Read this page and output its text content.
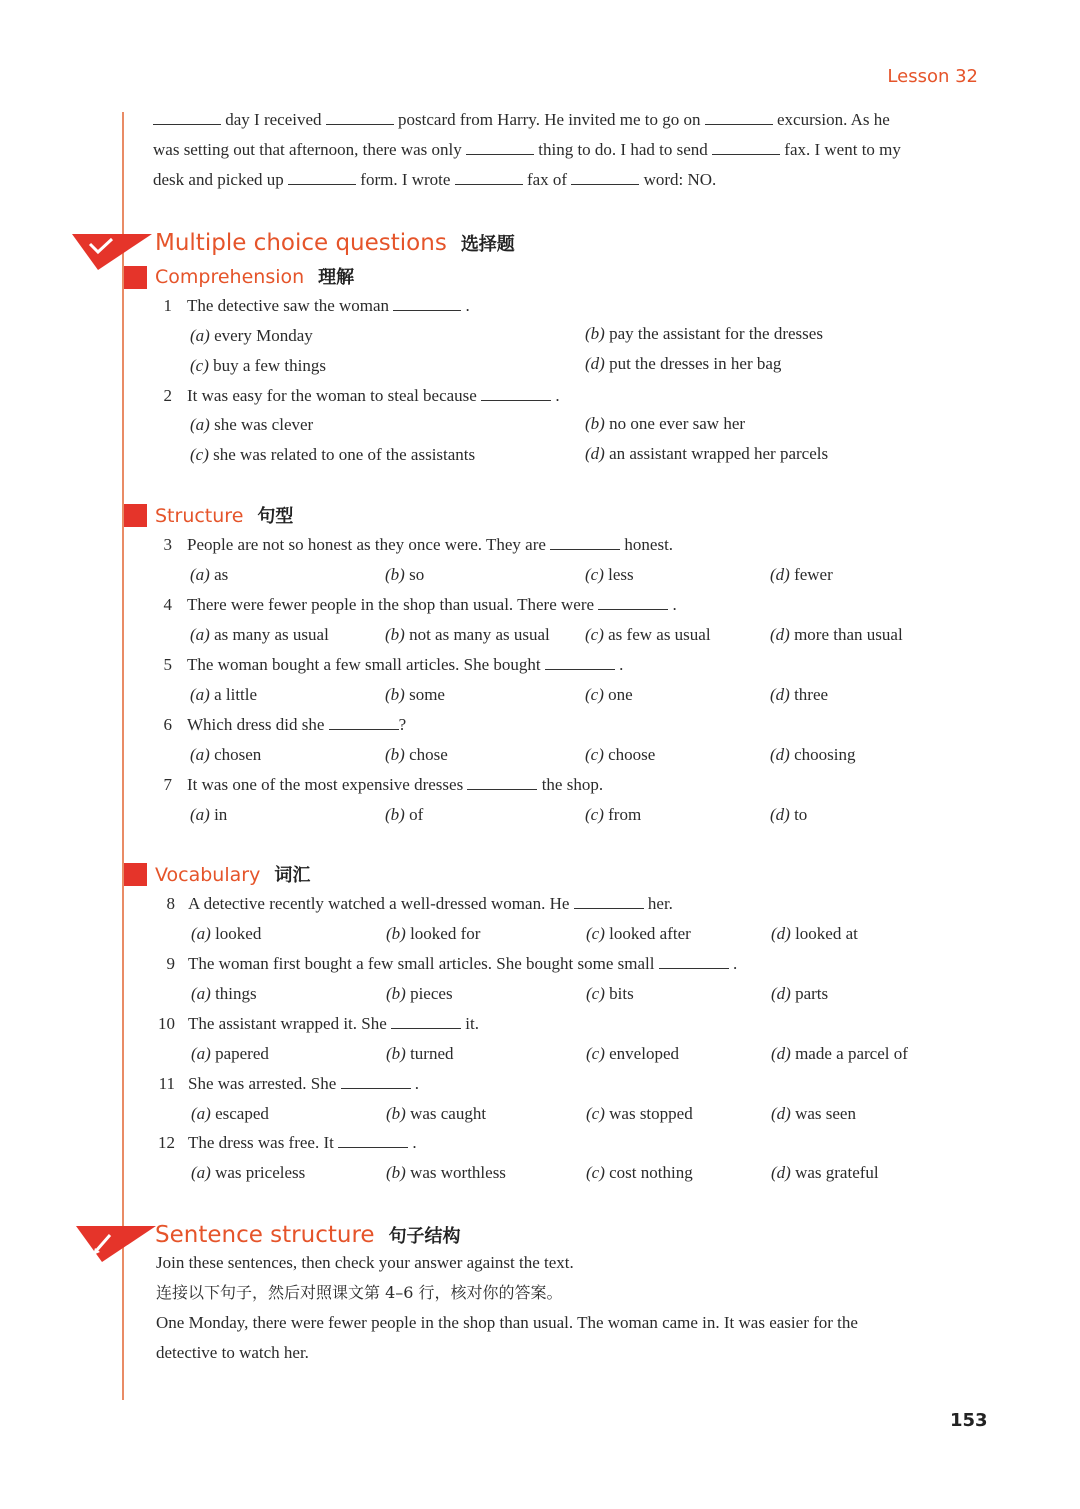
Lesson 32
day I received	postcard from Harry. He invited me to go on	excursion. As he
was setting out that afternoon, there was only	thing to do. I had to send	fax. I went to my
desk and picked up	form. I wrote	fax of	word: NO.
Multiple choice questions 选择题
Comprehension 理解
1 The detective saw the woman	.
(a) every Monday	(b) pay the assistant for the dresses
(c) buy a few things	(d) put the dresses in her bag
2 It was easy for the woman to steal because	.
(a) she was clever	(b) no one ever saw her
(c) she was related to one of the assistants	(d) an assistant wrapped her parcels
Structure 句型
3 People are not so honest as they once were. They are	honest.
(a) as	(b) so	(c) less	(d) fewer
4 There were fewer people in the shop than usual. There were	.
(a) as many as usual	(b) not as many as usual (c) as few as usual	(d) more than usual
5 The woman bought a few small articles. She bought	.
(a) a little	(b) some	(c) one	(d) three
6 Which dress did she	?
(a) chosen	(b) chose	(c) choose	(d) choosing
7 It was one of the most expensive dresses	the shop.
(a) in	(b) of	(c) from	(d) to
Vocabulary 词汇
8 A detective recently watched a well-dressed woman. He	her.
(a) looked	(b) looked for	(c) looked after	(d) looked at
9 The woman first bought a few small articles. She bought some small	.
(a) things	(b) pieces	(c) bits	(d) parts
10 The assistant wrapped it. She	it.
(a) papered	(b) turned	(c) enveloped	(d) made a parcel of
11 She was arrested. She	.
(a) escaped	(b) was caught	(c) was stopped	(d) was seen
12 The dress was free. It	.
(a) was priceless	(b) was worthless	(c) cost nothing	(d) was grateful
Sentence structure 句子结构
Join these sentences, then check your answer against the text.
连接以下句子，然后对照课文第 4–6 行，核对你的答案。
One Monday, there were fewer people in the shop than usual. The woman came in. It was easier for the
detective to watch her.
153
